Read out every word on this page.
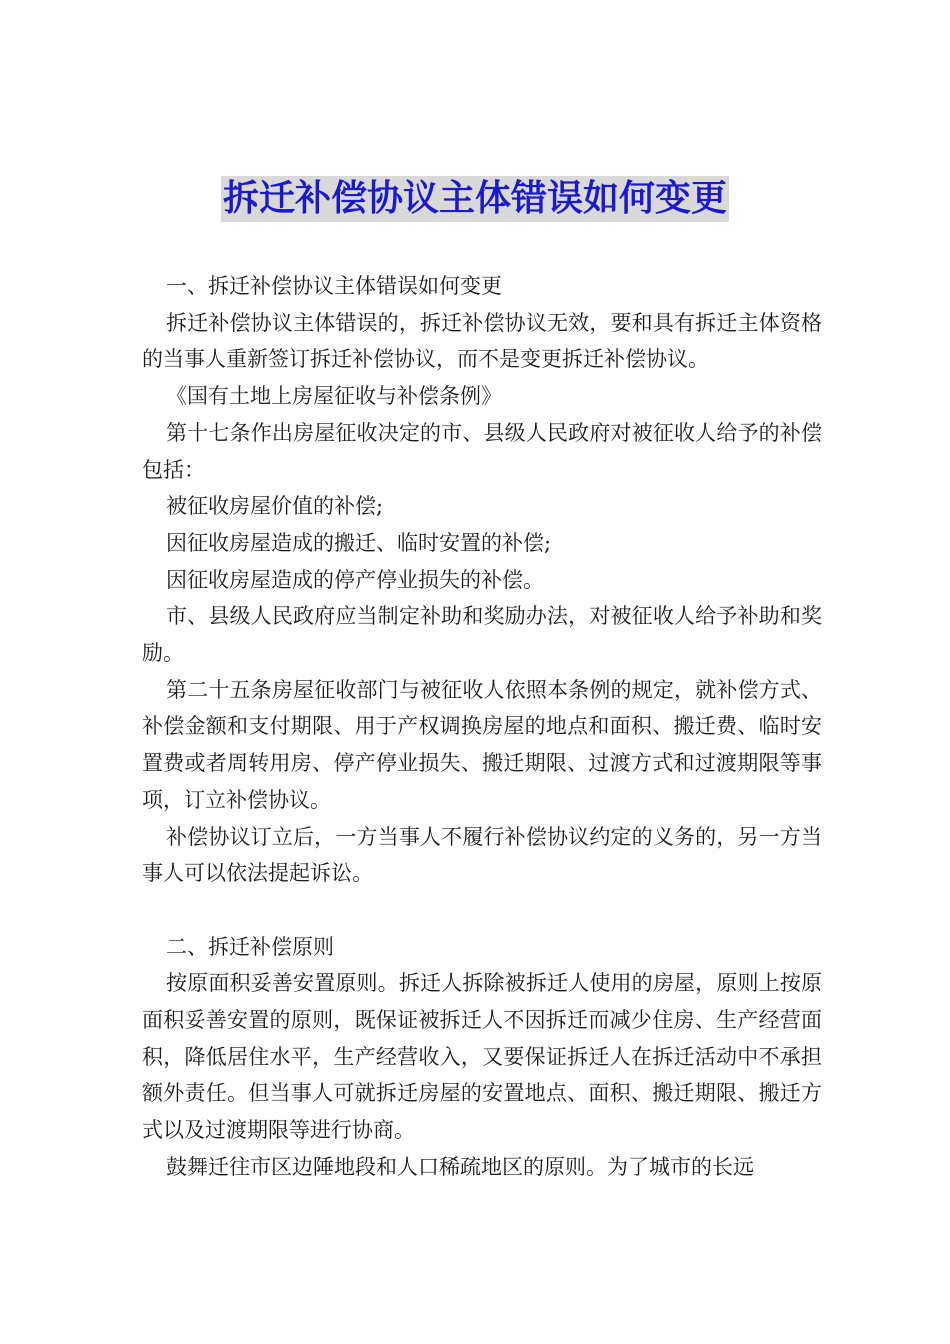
拆迁补偿协议主体错误如何变更

一、拆迁补偿协议主体错误如何变更

拆迁补偿协议主体错误的，拆迁补偿协议无效，要和具有拆迁主体资格的当事人重新签订拆迁补偿协议，而不是变更拆迁补偿协议。

《国有土地上房屋征收与补偿条例》

第十七条作出房屋征收决定的市、县级人民政府对被征收人给予的补偿包括：

被征收房屋价值的补偿;

因征收房屋造成的搬迁、临时安置的补偿;

因征收房屋造成的停产停业损失的补偿。

市、县级人民政府应当制定补助和奖励办法，对被征收人给予补助和奖励。

第二十五条房屋征收部门与被征收人依照本条例的规定，就补偿方式、补偿金额和支付期限、用于产权调换房屋的地点和面积、搬迁费、临时安置费或者周转用房、停产停业损失、搬迁期限、过渡方式和过渡期限等事项，订立补偿协议。

补偿协议订立后，一方当事人不履行补偿协议约定的义务的，另一方当事人可以依法提起诉讼。

二、拆迁补偿原则

按原面积妥善安置原则。拆迁人拆除被拆迁人使用的房屋，原则上按原面积妥善安置的原则，既保证被拆迁人不因拆迁而减少住房、生产经营面积，降低居住水平，生产经营收入，又要保证拆迁人在拆迁活动中不承担额外责任。但当事人可就拆迁房屋的安置地点、面积、搬迁期限、搬迁方式以及过渡期限等进行协商。

鼓舞迁往市区边陲地段和人口稀疏地区的原则。为了城市的长远
